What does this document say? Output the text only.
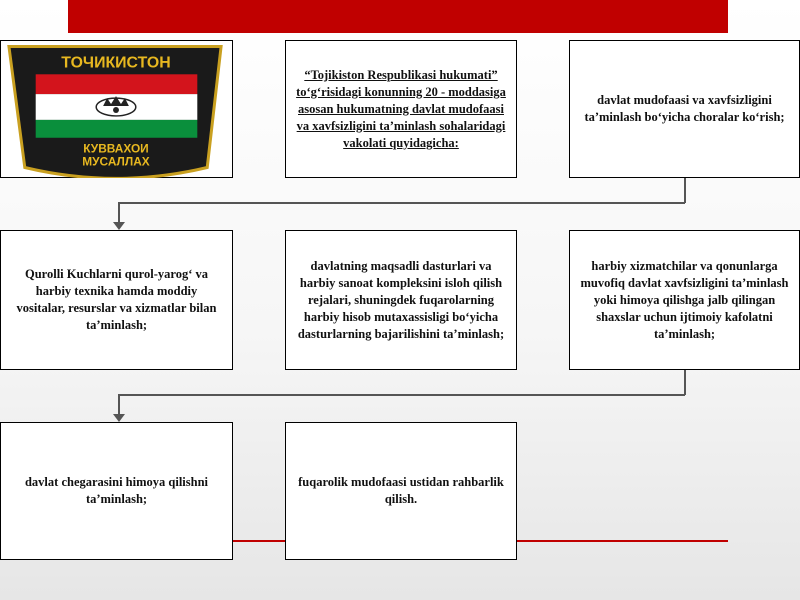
ТОЧИКИСТОН
КУВВАХОИ
МУСАЛЛАХ
“Tojikiston Respublikasi hukumati” to‘g‘risidagi konunning 20 - moddasiga asosan hukumatning davlat mudofaasi va xavfsizligini ta’minlash sohalaridagi vakolati quyidagicha:
davlat mudofaasi va xavfsizligini ta’minlash bo‘yicha choralar ko‘rish;
Qurolli Kuchlarni qurol-yarog‘ va harbiy texnika hamda moddiy vositalar, resurslar va xizmatlar bilan ta’minlash;
davlatning maqsadli dasturlari va harbiy sanoat kompleksini isloh qilish rejalari, shuningdek fuqarolarning harbiy hisob mutaxassisligi bo‘yicha dasturlarning bajarilishini ta’minlash;
harbiy xizmatchilar va qonunlarga muvofiq davlat xavfsizligini ta’minlash yoki himoya qilishga jalb qilingan shaxslar uchun ijtimoiy kafolatni ta’minlash;
davlat chegarasini himoya qilishni ta’minlash;
fuqarolik mudofaasi ustidan rahbarlik qilish.
